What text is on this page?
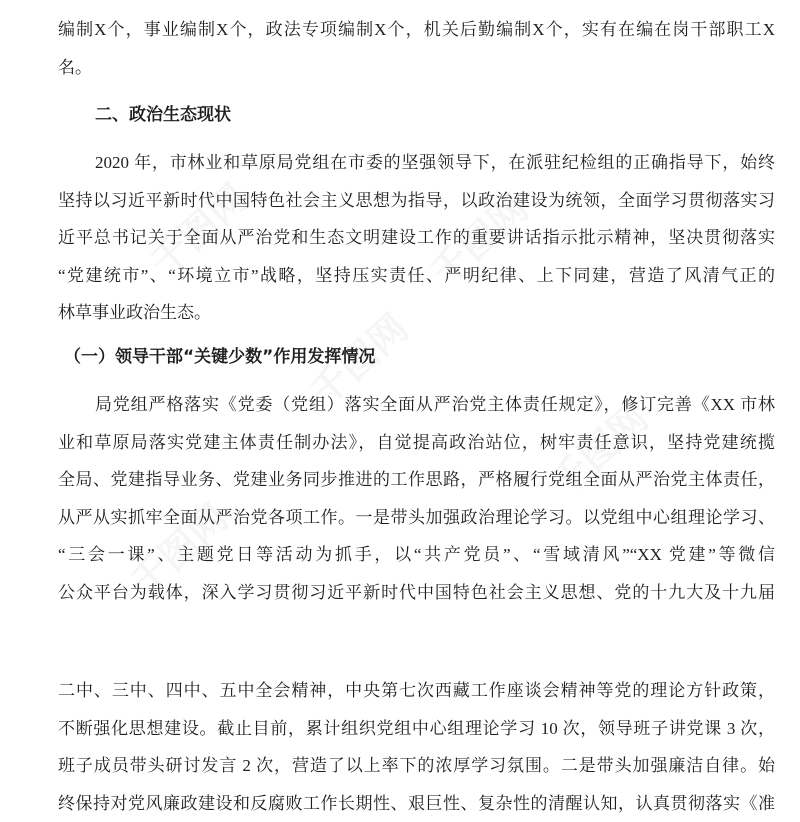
千图网	千图网
千图网
千图网
千图网
编制X个，事业编制X个，政法专项编制X个，机关后勤编制X个，实有在编在岗干部职工X
名。
二、政治生态现状
2020 年，市林业和草原局党组在市委的坚强领导下，在派驻纪检组的正确指导下，始终
坚持以习近平新时代中国特色社会主义思想为指导，以政治建设为统领，全面学习贯彻落实习
近平总书记关于全面从严治党和生态文明建设工作的重要讲话指示批示精神，坚决贯彻落实
“党建统市”、“环境立市”战略，坚持压实责任、严明纪律、上下同建，营造了风清气正的
林草事业政治生态。
（一）领导干部“关键少数”作用发挥情况
局党组严格落实《党委（党组）落实全面从严治党主体责任规定》，修订完善《XX 市林
业和草原局落实党建主体责任制办法》，自觉提高政治站位，树牢责任意识，坚持党建统揽
全局、党建指导业务、党建业务同步推进的工作思路，严格履行党组全面从严治党主体责任，
从严从实抓牢全面从严治党各项工作。一是带头加强政治理论学习。以党组中心组理论学习、
“三会一课”、主题党日等活动为抓手，以“共产党员”、“雪域清风”“XX 党建”等微信
公众平台为载体，深入学习贯彻习近平新时代中国特色社会主义思想、党的十九大及十九届
二中、三中、四中、五中全会精神，中央第七次西藏工作座谈会精神等党的理论方针政策，
不断强化思想建设。截止目前，累计组织党组中心组理论学习 10 次，领导班子讲党课 3 次，
班子成员带头研讨发言 2 次，营造了以上率下的浓厚学习氛围。二是带头加强廉洁自律。始
终保持对党风廉政建设和反腐败工作长期性、艰巨性、复杂性的清醒认知，认真贯彻落实《准
